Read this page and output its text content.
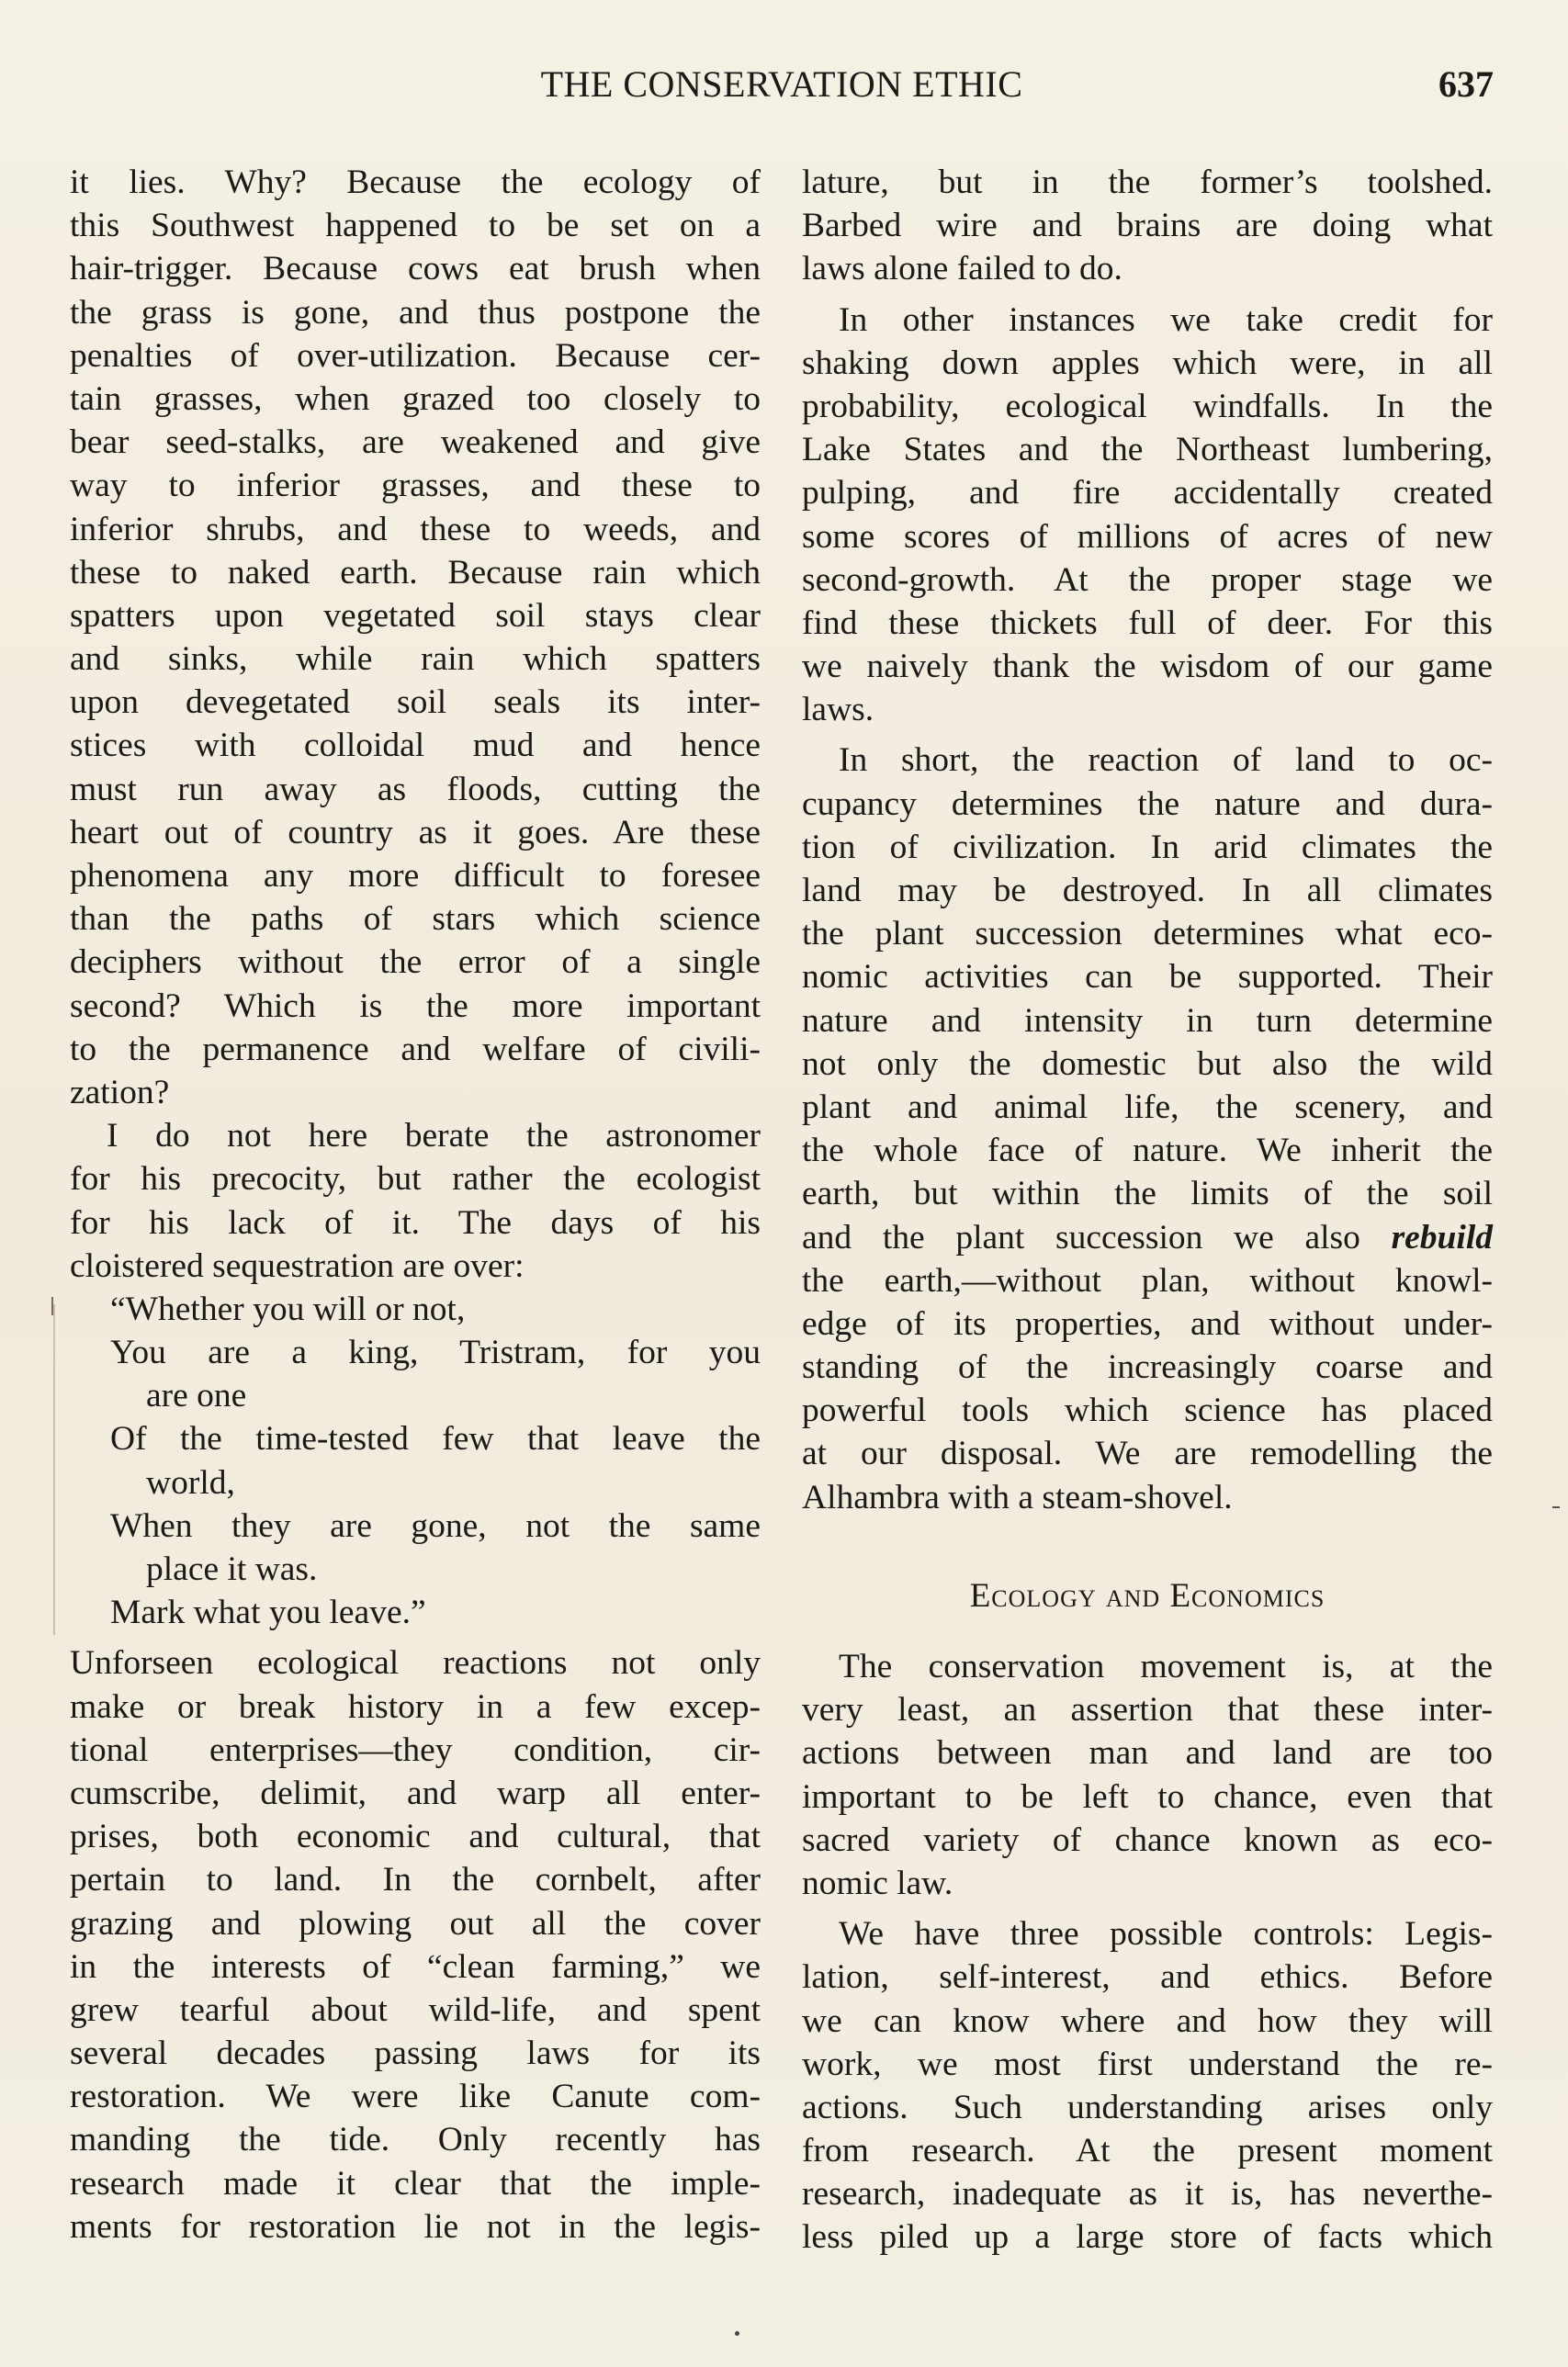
THE CONSERVATION ETHIC	637
it lies. Why? Because the ecology of
this Southwest happened to be set on a
hair-trigger. Because cows eat brush when
the grass is gone, and thus postpone the
penalties of over-utilization. Because cer-
tain grasses, when grazed too closely to
bear seed-stalks, are weakened and give
way to inferior grasses, and these to
inferior shrubs, and these to weeds, and
these to naked earth. Because rain which
spatters upon vegetated soil stays clear
and sinks, while rain which spatters
upon devegetated soil seals its inter-
stices with colloidal mud and hence
must run away as floods, cutting the
heart out of country as it goes. Are these
phenomena any more difficult to foresee
than the paths of stars which science
deciphers without the error of a single
second? Which is the more important
to the permanence and welfare of civili-
zation?
I do not here berate the astronomer
for his precocity, but rather the ecologist
for his lack of it. The days of his
cloistered sequestration are over:
“Whether you will or not,
You are a king, Tristram, for you
are one
Of the time-tested few that leave the
world,
When they are gone, not the same
place it was.
Mark what you leave.”
Unforseen ecological reactions not only
make or break history in a few excep-
tional enterprises—they condition, cir-
cumscribe, delimit, and warp all enter-
prises, both economic and cultural, that
pertain to land. In the cornbelt, after
grazing and plowing out all the cover
in the interests of “clean farming,” we
grew tearful about wild-life, and spent
several decades passing laws for its
restoration. We were like Canute com-
manding the tide. Only recently has
research made it clear that the imple-
ments for restoration lie not in the legis-
lature, but in the former’s toolshed.
Barbed wire and brains are doing what
laws alone failed to do.
In other instances we take credit for
shaking down apples which were, in all
probability, ecological windfalls. In the
Lake States and the Northeast lumbering,
pulping, and fire accidentally created
some scores of millions of acres of new
second-growth. At the proper stage we
find these thickets full of deer. For this
we naively thank the wisdom of our game
laws.
In short, the reaction of land to oc-
cupancy determines the nature and dura-
tion of civilization. In arid climates the
land may be destroyed. In all climates
the plant succession determines what eco-
nomic activities can be supported. Their
nature and intensity in turn determine
not only the domestic but also the wild
plant and animal life, the scenery, and
the whole face of nature. We inherit the
earth, but within the limits of the soil
and the plant succession we also rebuild
the earth,—without plan, without knowl-
edge of its properties, and without under-
standing of the increasingly coarse and
powerful tools which science has placed
at our disposal. We are remodelling the
Alhambra with a steam-shovel.
Ecology and Economics
The conservation movement is, at the
very least, an assertion that these inter-
actions between man and land are too
important to be left to chance, even that
sacred variety of chance known as eco-
nomic law.
We have three possible controls: Legis-
lation, self-interest, and ethics. Before
we can know where and how they will
work, we most first understand the re-
actions. Such understanding arises only
from research. At the present moment
research, inadequate as it is, has neverthe-
less piled up a large store of facts which
